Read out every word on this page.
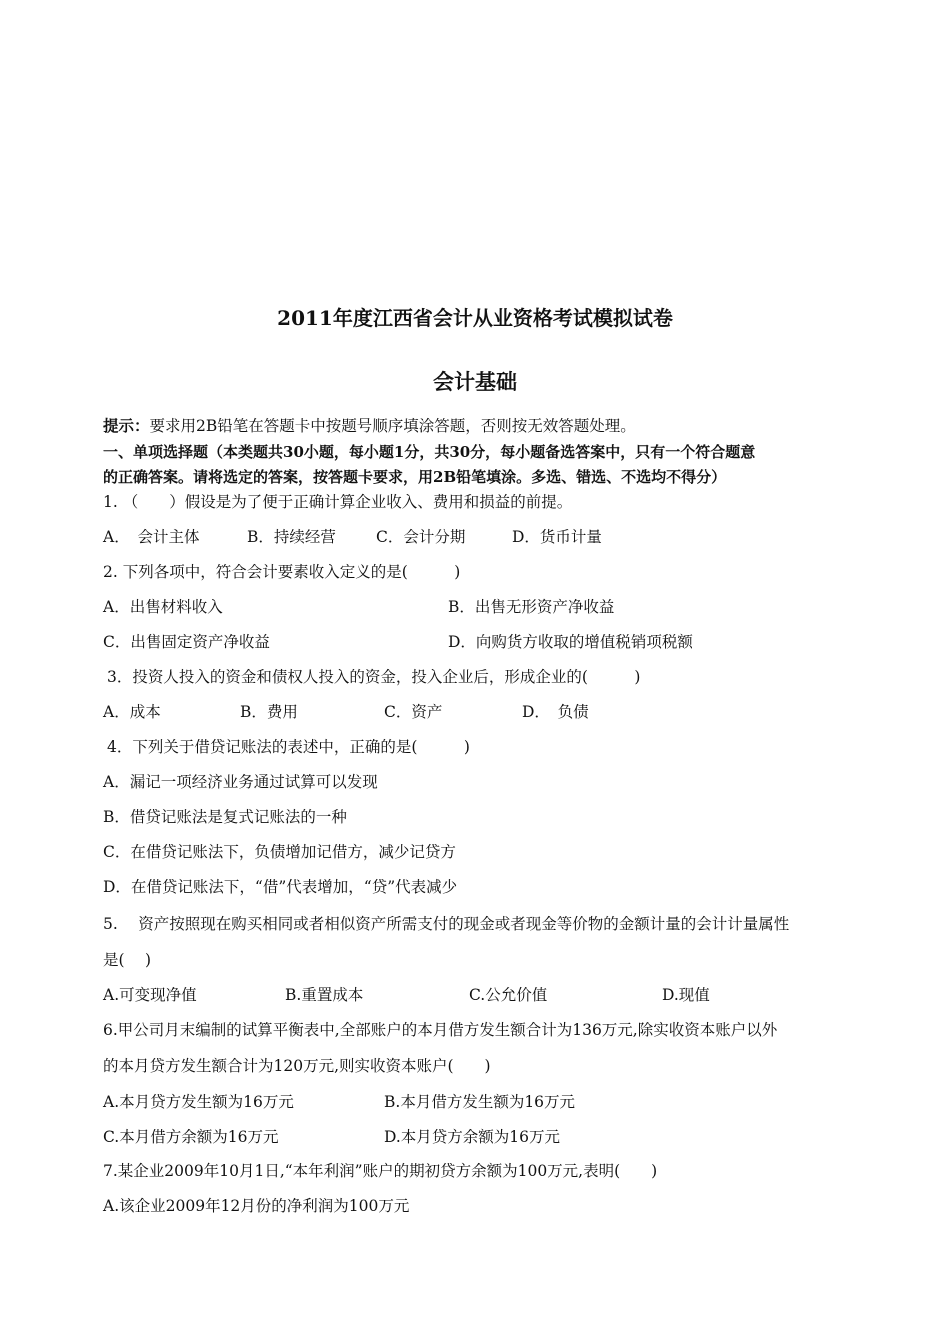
2011年度江西省会计从业资格考试模拟试卷
会计基础
提示：要求用2B铅笔在答题卡中按题号顺序填涂答题，否则按无效答题处理。
一、单项选择题（本类题共30小题，每小题1分，共30分，每小题备选答案中，只有一个符合题意
的正确答案。请将选定的答案，按答题卡要求，用2B铅笔填涂。多选、错选、不选均不得分）
1. （　　）假设是为了便于正确计算企业收入、费用和损益的前提。
A．　会计主体	B．持续经营	C．会计分期	D．货币计量
2. 下列各项中，符合会计要素收入定义的是(　　　)
A．出售材料收入	B．出售无形资产净收益
C．出售固定资产净收益	D．向购货方收取的增值税销项税额
3．投资人投入的资金和债权人投入的资金，投入企业后，形成企业的(　　　)
A．成本	B．费用	C．资产	D．　负债
4．下列关于借贷记账法的表述中，正确的是(　　　)
A．漏记一项经济业务通过试算可以发现
B．借贷记账法是复式记账法的一种
C．在借贷记账法下，负债增加记借方，减少记贷方
D．在借贷记账法下，“借”代表增加，“贷”代表减少
5.　 资产按照现在购买相同或者相似资产所需支付的现金或者现金等价物的金额计量的会计计量属性
是(　 )
A.可变现净值	B.重置成本	C.公允价值	D.现值
6.甲公司月末编制的试算平衡表中,全部账户的本月借方发生额合计为136万元,除实收资本账户以外
的本月贷方发生额合计为120万元,则实收资本账户(　　)
A.本月贷方发生额为16万元	B.本月借方发生额为16万元
C.本月借方余额为16万元	D.本月贷方余额为16万元
7.某企业2009年10月1日,“本年利润”账户的期初贷方余额为100万元,表明(　　)
A.该企业2009年12月份的净利润为100万元
